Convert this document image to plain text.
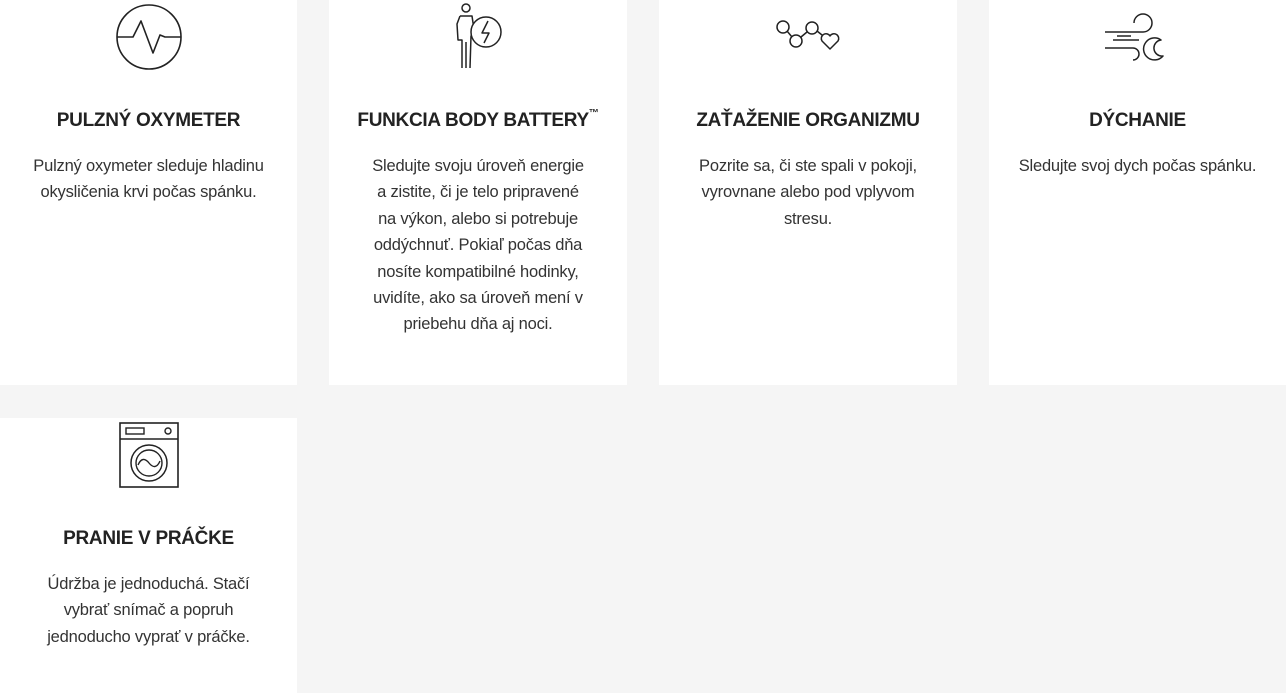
PULZNÝ OXYMETER

Pulzný oxymeter sleduje hladinu okysličenia krvi počas spánku.

FUNKCIA BODY BATTERY™

Sledujte svoju úroveň energie a zistite, či je telo pripravené na výkon, alebo si potrebuje oddýchnuť. Pokiaľ počas dňa nosíte kompatibilné hodinky, uvidíte, ako sa úroveň mení v priebehu dňa aj noci.

ZAŤAŽENIE ORGANIZMU

Pozrite sa, či ste spali v pokoji, vyrovnane alebo pod vplyvom stresu.

DÝCHANIE

Sledujte svoj dych počas spánku.

PRANIE V PRÁČKE

Údržba je jednoduchá. Stačí vybrať snímač a popruh jednoducho vyprať v práčke.
